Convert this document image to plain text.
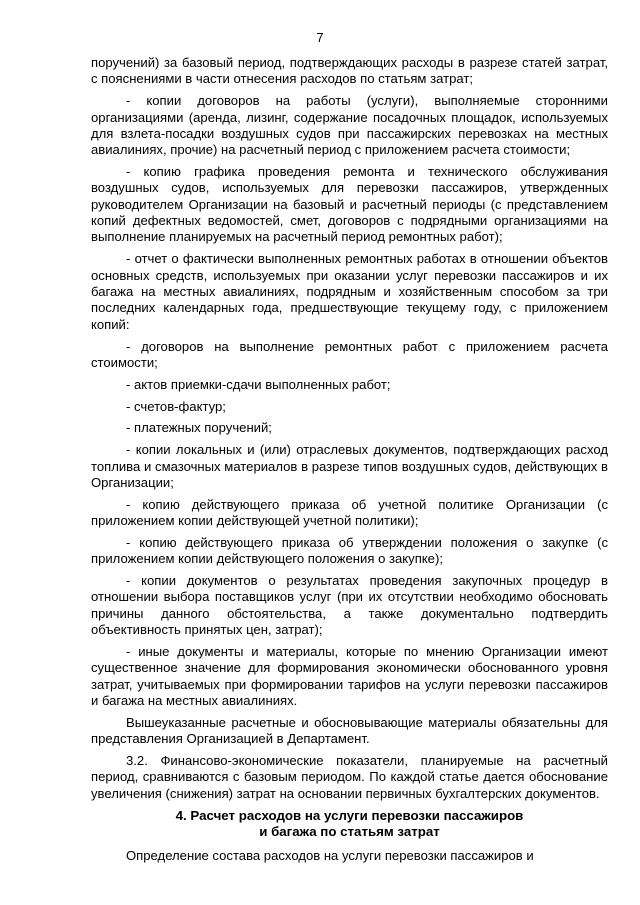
7

поручений) за базовый период, подтверждающих расходы в разрезе статей затрат, с пояснениями в части отнесения расходов по статьям затрат;

- копии договоров на работы (услуги), выполняемые сторонними организациями (аренда, лизинг, содержание посадочных площадок, используемых для взлета-посадки воздушных судов при пассажирских перевозках на местных авиалиниях, прочие) на расчетный период с приложением расчета стоимости;

- копию графика проведения ремонта и технического обслуживания воздушных судов, используемых для перевозки пассажиров, утвержденных руководителем Организации на базовый и расчетный периоды (с представлением копий дефектных ведомостей, смет, договоров с подрядными организациями на выполнение планируемых на расчетный период ремонтных работ);

- отчет о фактически выполненных ремонтных работах в отношении объектов основных средств, используемых при оказании услуг перевозки пассажиров и их багажа на местных авиалиниях, подрядным и хозяйственным способом за три последних календарных года, предшествующие текущему году, с приложением копий:

- договоров на выполнение ремонтных работ с приложением расчета стоимости;

- актов приемки-сдачи выполненных работ;

- счетов-фактур;

- платежных поручений;

- копии локальных и (или) отраслевых документов, подтверждающих расход топлива и смазочных материалов в разрезе типов воздушных судов, действующих в Организации;

- копию действующего приказа об учетной политике Организации (с приложением копии действующей учетной политики);

- копию действующего приказа об утверждении положения о закупке (с приложением копии действующего положения о закупке);

- копии документов о результатах проведения закупочных процедур в отношении выбора поставщиков услуг (при их отсутствии необходимо обосновать причины данного обстоятельства, а также документально подтвердить объективность принятых цен, затрат);

- иные документы и материалы, которые по мнению Организации имеют существенное значение для формирования экономически обоснованного уровня затрат, учитываемых при формировании тарифов на услуги перевозки пассажиров и багажа на местных авиалиниях.

Вышеуказанные расчетные и обосновывающие материалы обязательны для представления Организацией в Департамент.

3.2. Финансово-экономические показатели, планируемые на расчетный период, сравниваются с базовым периодом. По каждой статье дается обоснование увеличения (снижения) затрат на основании первичных бухгалтерских документов.

4. Расчет расходов на услуги перевозки пассажиров
и багажа по статьям затрат

Определение состава расходов на услуги перевозки пассажиров и
